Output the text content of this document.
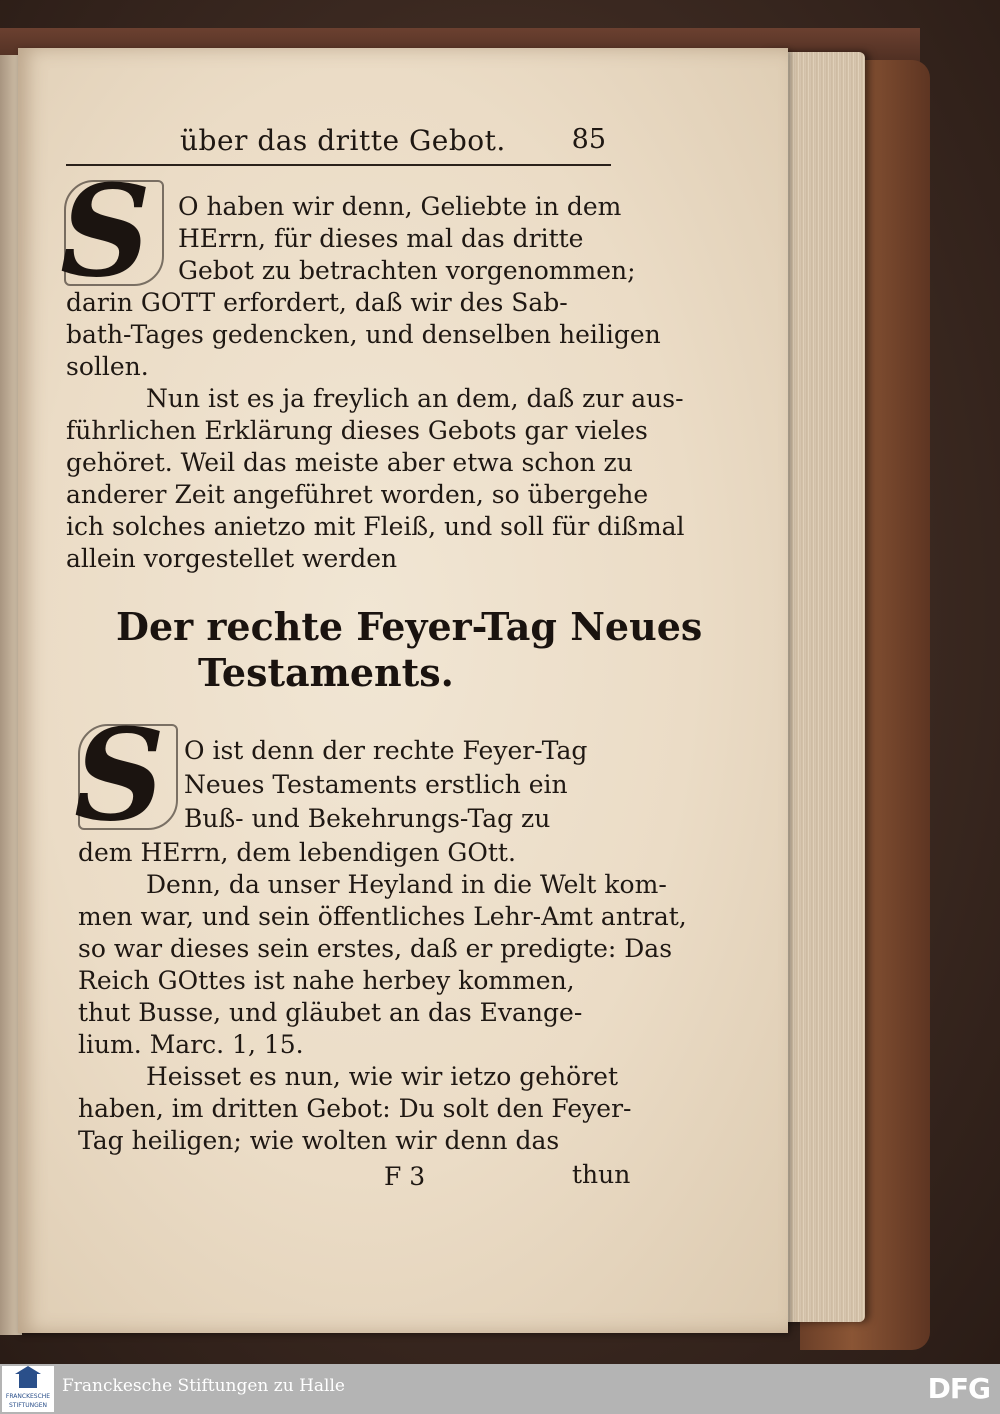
über das dritte Gebot. 85
S O haben wir denn, Geliebte in dem
HErrn, für dieses mal das dritte
Gebot zu betrachten vorgenommen;
darin GOTT erfordert, daß wir des Sab-
bath-Tages gedencken, und denselben heiligen
sollen.
Nun ist es ja freylich an dem, daß zur aus-
führlichen Erklärung dieses Gebots gar vieles
gehöret. Weil das meiste aber etwa schon zu
anderer Zeit angeführet worden, so übergehe
ich solches anietzo mit Fleiß, und soll für dißmal
allein vorgestellet werden
Der rechte Feyer-Tag Neues
Testaments.
S O ist denn der rechte Feyer-Tag
Neues Testaments erstlich ein
Buß- und Bekehrungs-Tag zu
dem HErrn, dem lebendigen GOtt.
Denn, da unser Heyland in die Welt kom-
men war, und sein öffentliches Lehr-Amt antrat,
so war dieses sein erstes, daß er predigte: Das
Reich GOttes ist nahe herbey kommen,
thut Busse, und gläubet an das Evange-
lium. Marc. 1, 15.
Heisset es nun, wie wir ietzo gehöret
haben, im dritten Gebot: Du solt den Feyer-
Tag heiligen; wie wolten wir denn das
F 3	thun
FRANCKESCHE
STIFTUNGEN
Franckesche Stiftungen zu Halle	DFG
